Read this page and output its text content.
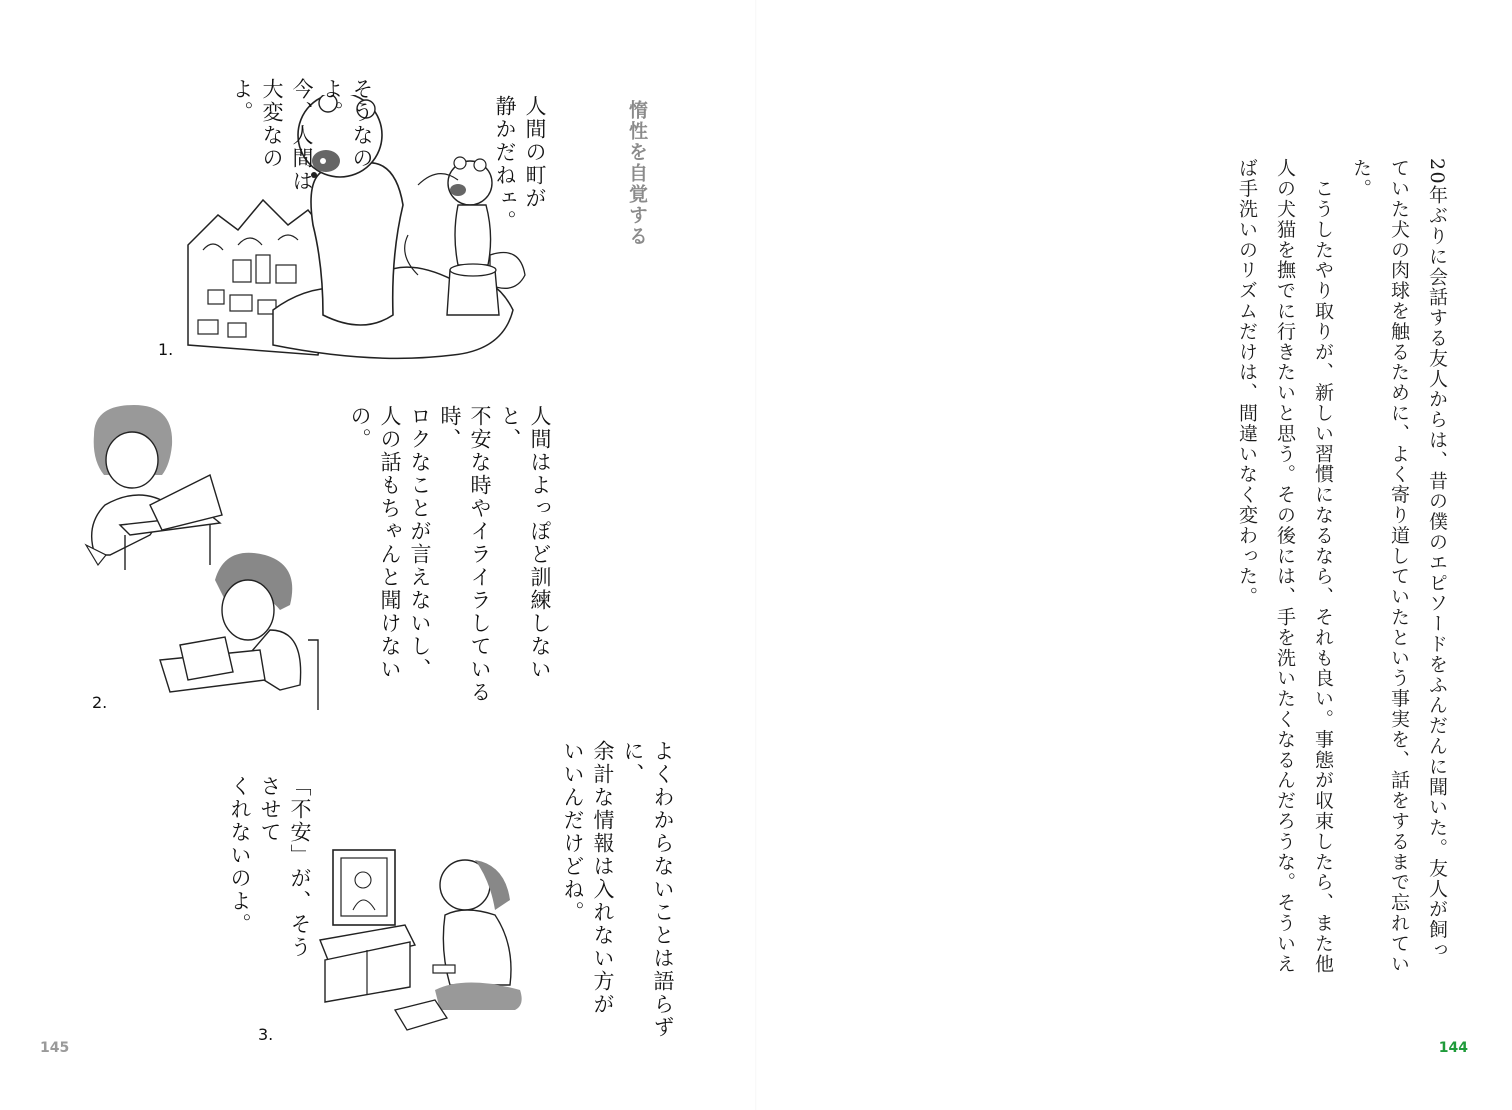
惰性を自覚する

人間の町が

静かだねェ。

そうなのよ。

今、人間は

大変なのよ。

1.

人間はよっぽど訓練しないと、

不安な時やイライラしている時、

ロクなことが言えないし、

人の話もちゃんと聞けないの。

2.

よくわからないことは語らずに、

余計な情報は入れない方が

いいんだけどね。

「不安」が、そうさせて

くれないのよ。

3.

20年ぶりに会話する友人からは、昔の僕のエピソードをふんだんに聞いた。友人が飼っていた犬の肉球を触るために、よく寄り道していたという事実を、話をするまで忘れていた。

　こうしたやり取りが、新しい習慣になるなら、それも良い。事態が収束したら、また他人の犬猫を撫でに行きたいと思う。その後には、手を洗いたくなるんだろうな。そういえば手洗いのリズムだけは、間違いなく変わった。

145	144
